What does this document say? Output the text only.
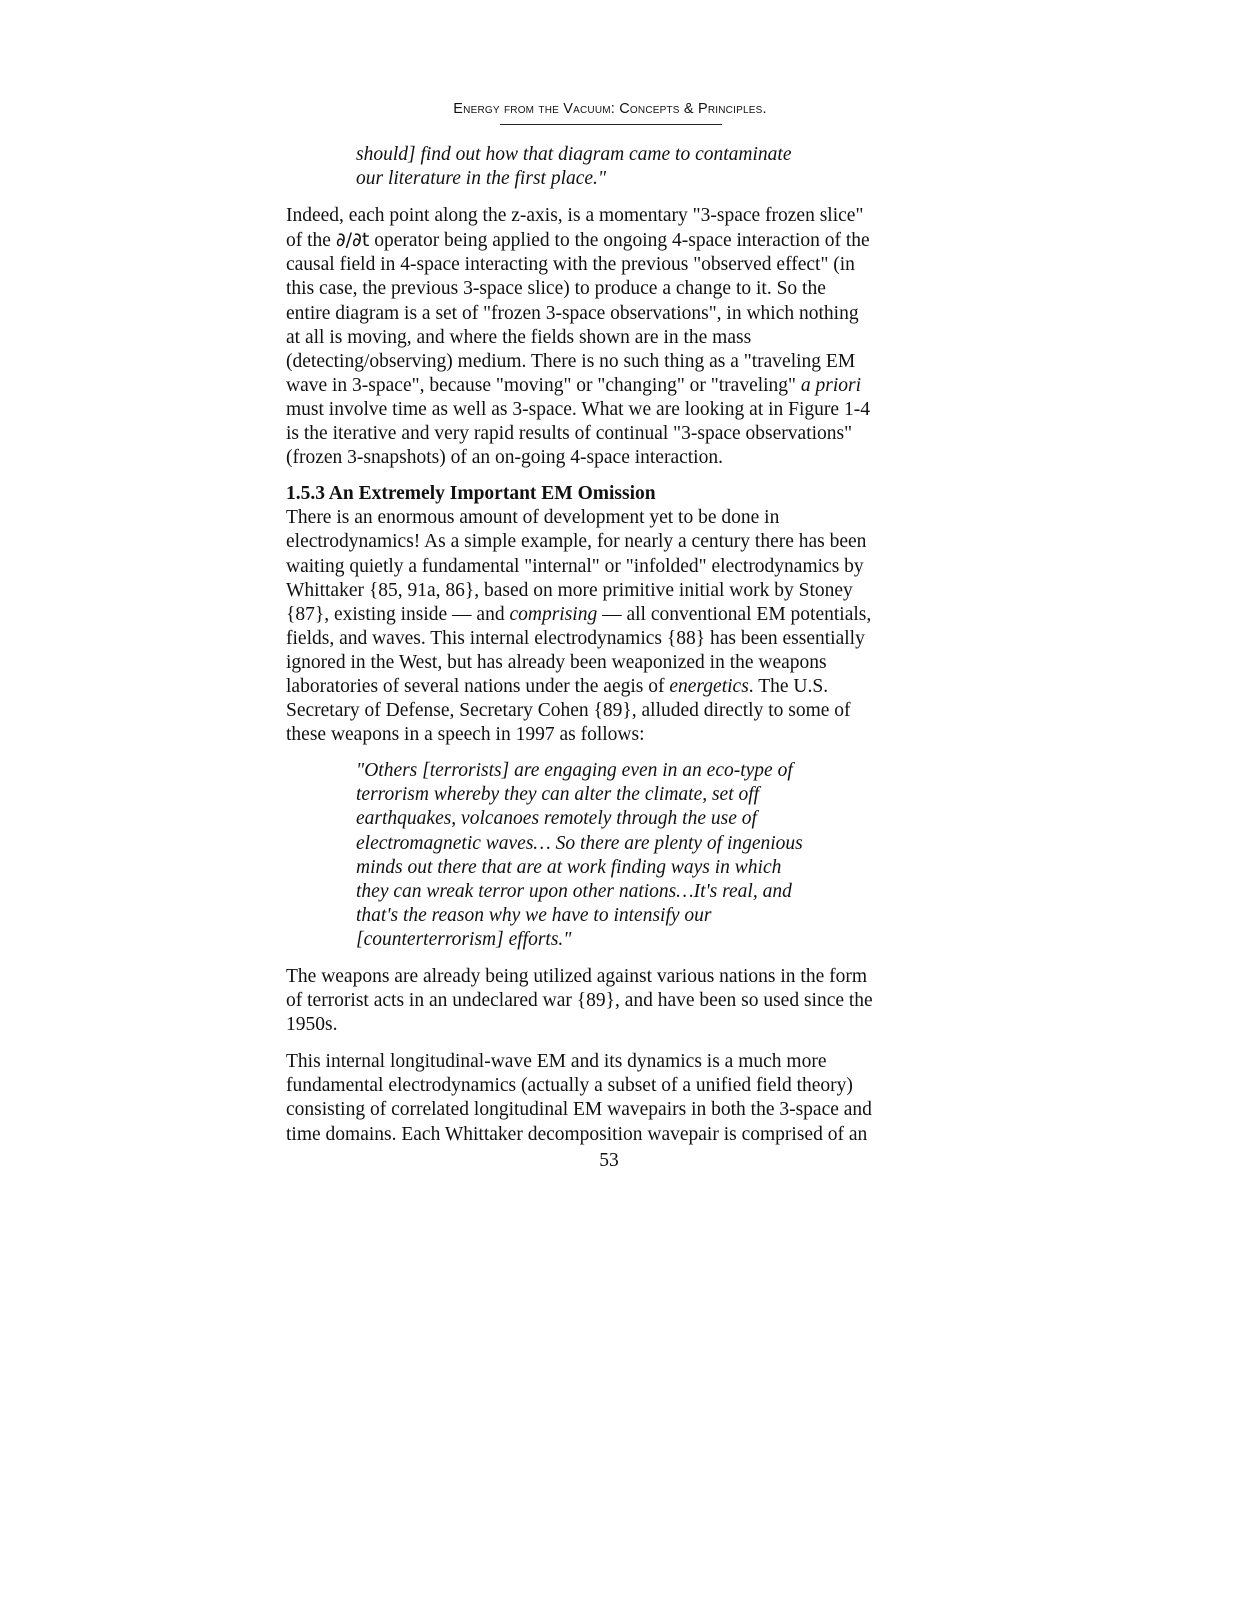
Energy from the Vacuum: Concepts & Principles.
should] find out how that diagram came to contaminate
our literature in the first place."
Indeed, each point along the z-axis, is a momentary "3-space frozen slice"
of the ∂/∂t operator being applied to the ongoing 4-space interaction of the
causal field in 4-space interacting with the previous "observed effect" (in
this case, the previous 3-space slice) to produce a change to it. So the
entire diagram is a set of "frozen 3-space observations", in which nothing
at all is moving, and where the fields shown are in the mass
(detecting/observing) medium. There is no such thing as a "traveling EM
wave in 3-space", because "moving" or "changing" or "traveling" a priori
must involve time as well as 3-space. What we are looking at in Figure 1-4
is the iterative and very rapid results of continual "3-space observations"
(frozen 3-snapshots) of an on-going 4-space interaction.
1.5.3 An Extremely Important EM Omission
There is an enormous amount of development yet to be done in
electrodynamics! As a simple example, for nearly a century there has been
waiting quietly a fundamental "internal" or "infolded" electrodynamics by
Whittaker {85, 91a, 86}, based on more primitive initial work by Stoney
{87}, existing inside — and comprising — all conventional EM potentials,
fields, and waves. This internal electrodynamics {88} has been essentially
ignored in the West, but has already been weaponized in the weapons
laboratories of several nations under the aegis of energetics. The U.S.
Secretary of Defense, Secretary Cohen {89}, alluded directly to some of
these weapons in a speech in 1997 as follows:
"Others [terrorists] are engaging even in an eco-type of
terrorism whereby they can alter the climate, set off
earthquakes, volcanoes remotely through the use of
electromagnetic waves… So there are plenty of ingenious
minds out there that are at work finding ways in which
they can wreak terror upon other nations…It's real, and
that's the reason why we have to intensify our
[counterterrorism] efforts."
The weapons are already being utilized against various nations in the form
of terrorist acts in an undeclared war {89}, and have been so used since the
1950s.
This internal longitudinal-wave EM and its dynamics is a much more
fundamental electrodynamics (actually a subset of a unified field theory)
consisting of correlated longitudinal EM wavepairs in both the 3-space and
time domains. Each Whittaker decomposition wavepair is comprised of an
53
